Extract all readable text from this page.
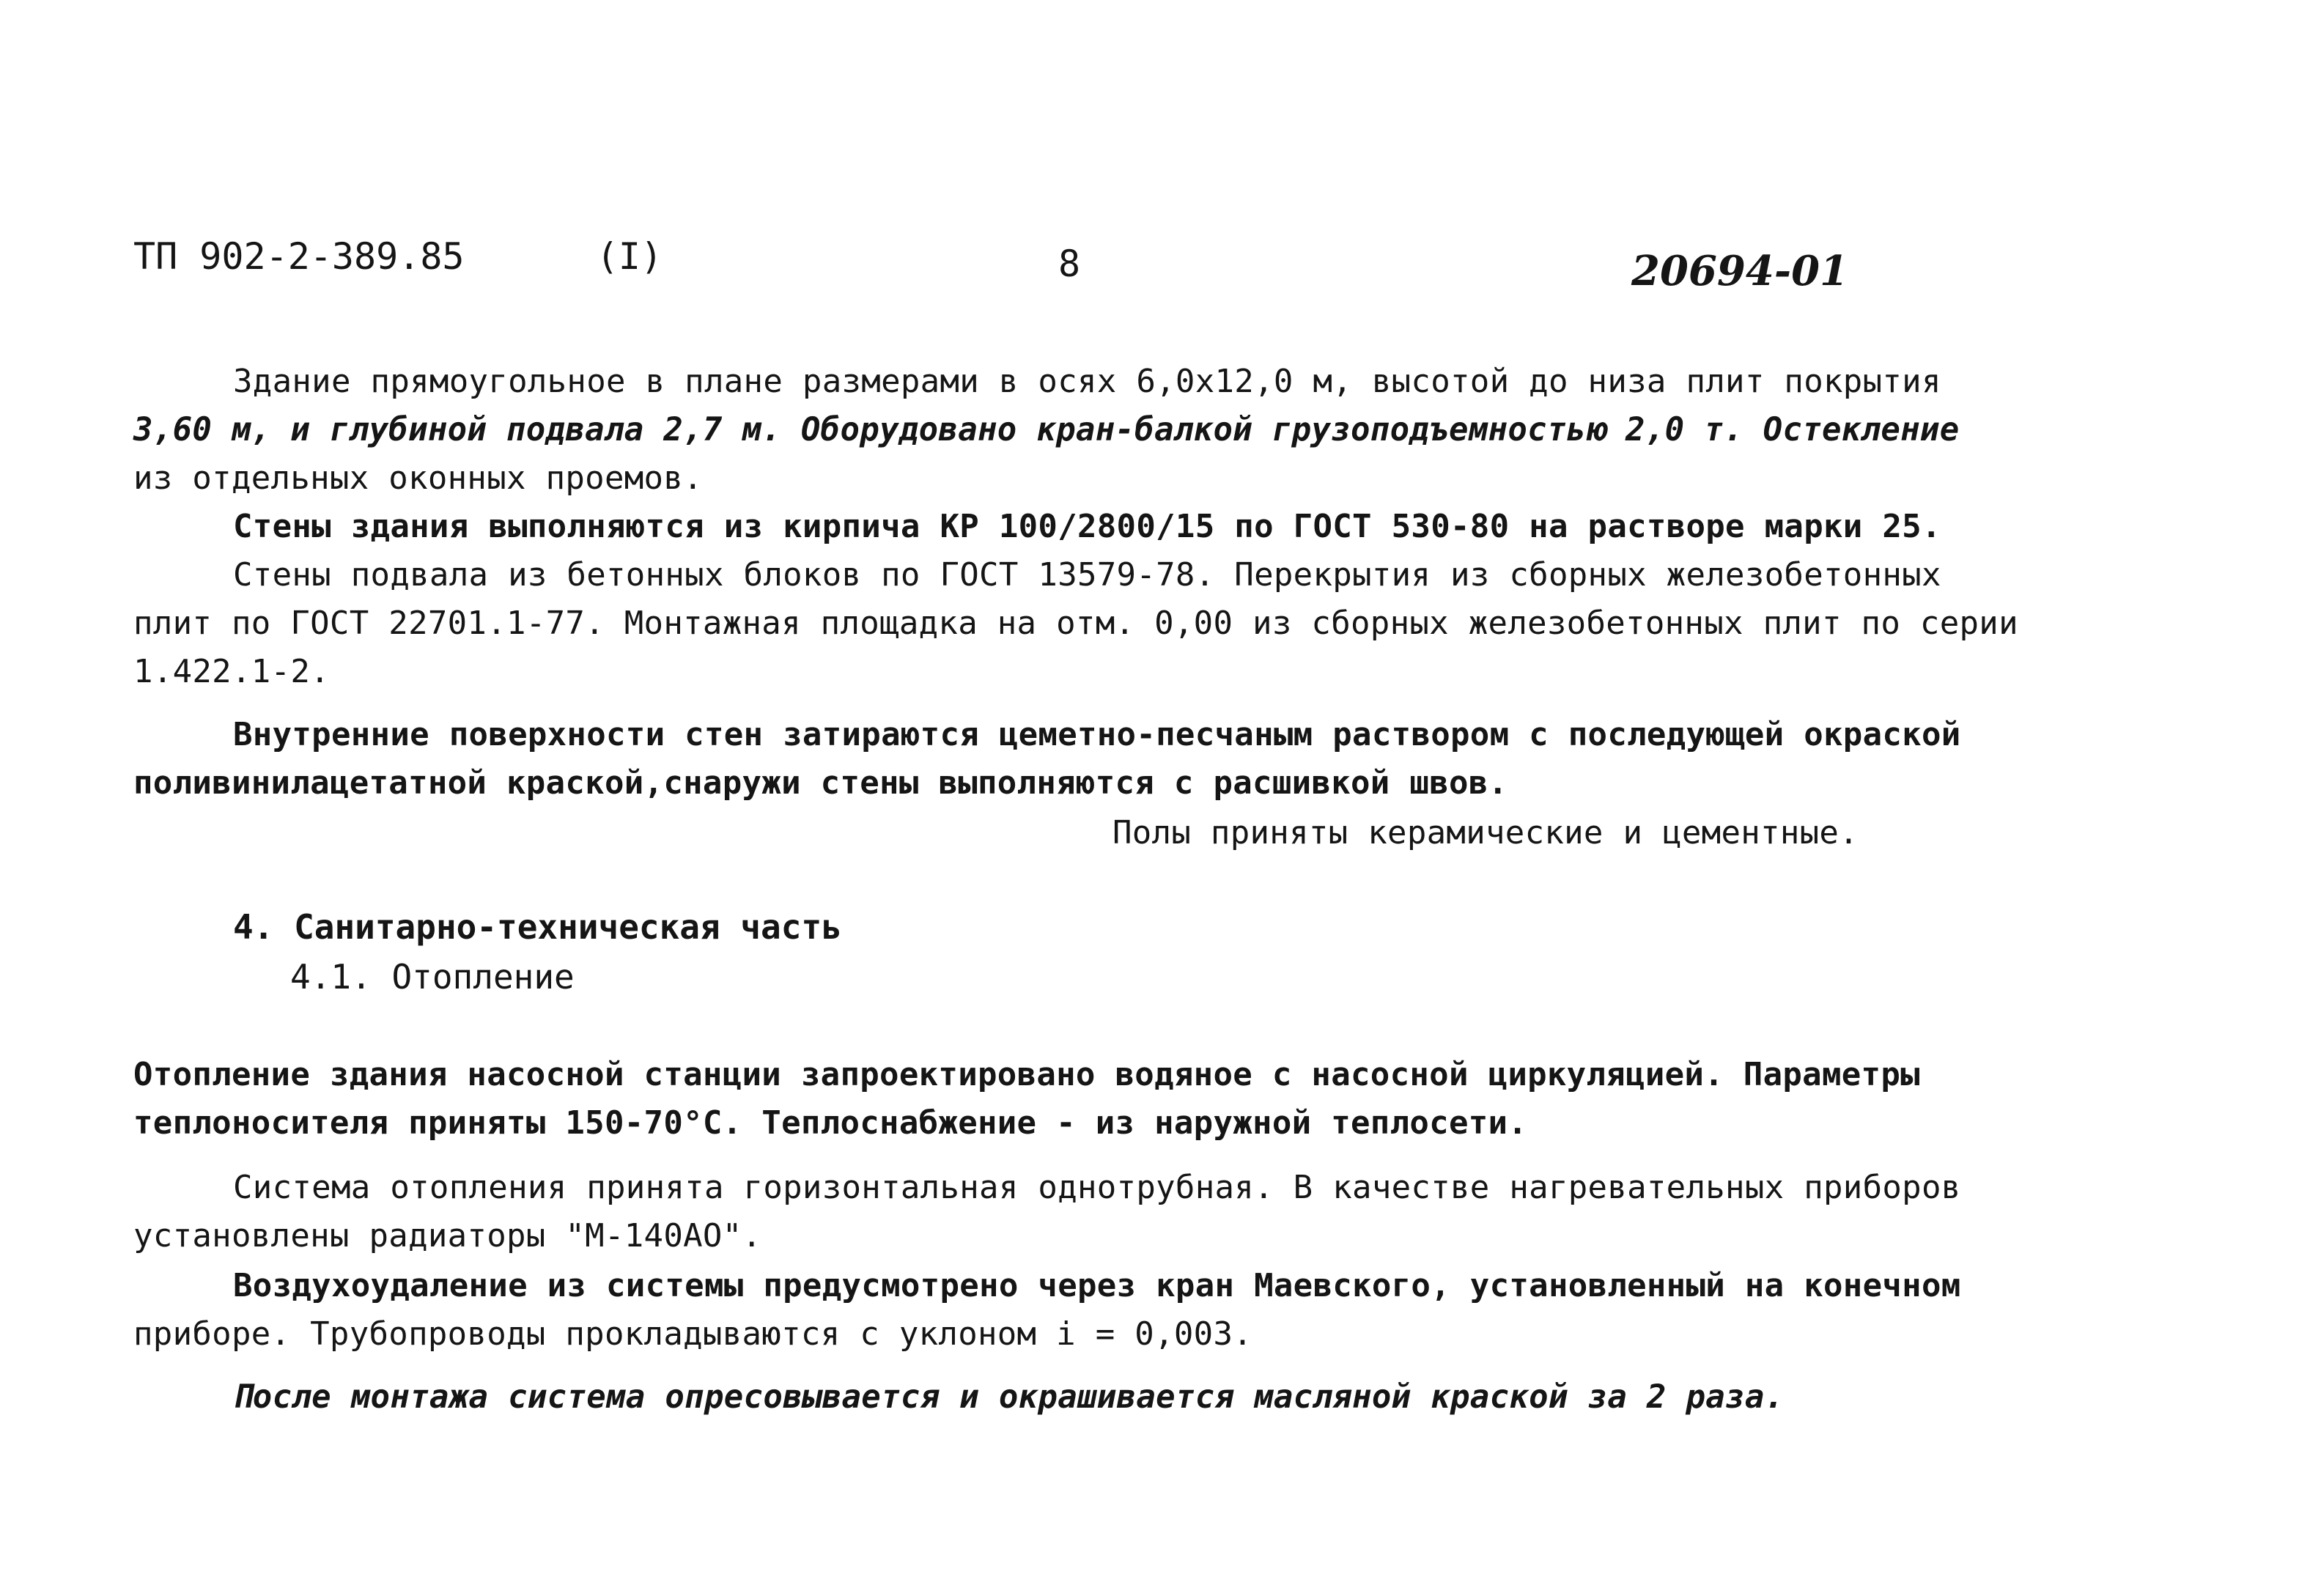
ТП 902-2-389.85	(I)	8	20694-01
Здание прямоугольное в плане размерами в осях 6,0х12,0 м, высотой до низа плит покрытия
3,60 м, и глубиной подвала 2,7 м. Оборудовано кран-балкой грузоподъемностью 2,0 т. Остекление
из отдельных оконных проемов.
Стены здания выполняются из кирпича КР 100/2800/15 по ГОСТ 530-80 на растворе марки 25.
Стены подвала из бетонных блоков по ГОСТ 13579-78. Перекрытия из сборных железобетонных
плит по ГОСТ 22701.1-77. Монтажная площадка на отм. 0,00 из сборных железобетонных плит по серии
1.422.1-2.
Внутренние поверхности стен затираются цеметно-песчаным раствором с последующей окраской
поливинилацетатной краской,снаружи стены выполняются с расшивкой швов.
Полы приняты керамические и цементные.
4. Санитарно-техническая часть
4.1. Отопление
Отопление здания насосной станции запроектировано водяное с насосной циркуляцией. Параметры
теплоносителя приняты 150-70°С. Теплоснабжение - из наружной теплосети.
Система отопления принята горизонтальная однотрубная. В качестве нагревательных приборов
установлены радиаторы "М-140АО".
Воздухоудаление из системы предусмотрено через кран Маевского, установленный на конечном
приборе. Трубопроводы прокладываются с уклоном i = 0,003.
После монтажа система опресовывается и окрашивается масляной краской за 2 раза.
